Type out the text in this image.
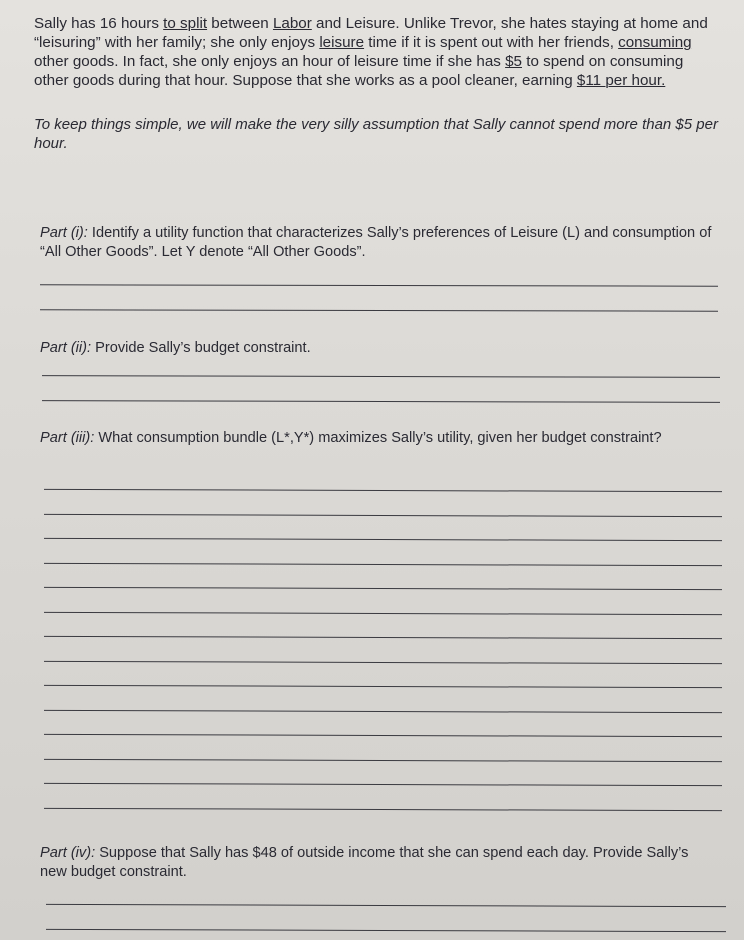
Sally has 16 hours to split between Labor and Leisure. Unlike Trevor, she hates staying at home and “leisuring” with her family; she only enjoys leisure time if it is spent out with her friends, consuming other goods. In fact, she only enjoys an hour of leisure time if she has $5 to spend on consuming other goods during that hour. Suppose that she works as a pool cleaner, earning $11 per hour.

To keep things simple, we will make the very silly assumption that Sally cannot spend more than $5 per hour.

Part (i): Identify a utility function that characterizes Sally’s preferences of Leisure (L) and consumption of “All Other Goods”. Let Y denote “All Other Goods”.
Part (ii): Provide Sally’s budget constraint.
Part (iii): What consumption bundle (L*,Y*) maximizes Sally’s utility, given her budget constraint?
Part (iv): Suppose that Sally has $48 of outside income that she can spend each day. Provide Sally’s new budget constraint.
